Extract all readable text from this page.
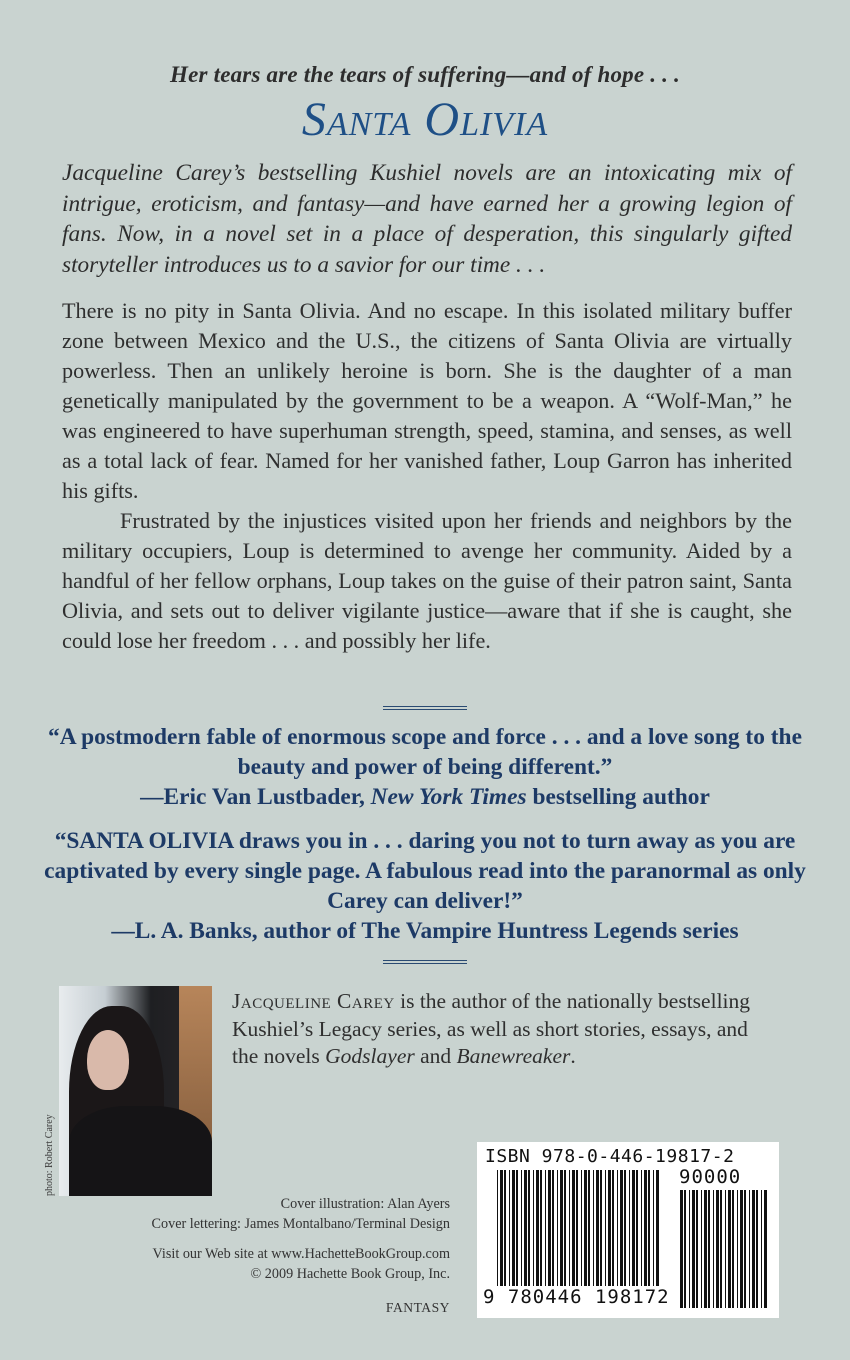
Her tears are the tears of suffering—and of hope . . .
Santa Olivia
Jacqueline Carey’s bestselling Kushiel novels are an intoxicating mix of intrigue, eroticism, and fantasy—and have earned her a growing legion of fans. Now, in a novel set in a place of desperation, this singularly gifted storyteller introduces us to a savior for our time . . .

There is no pity in Santa Olivia. And no escape. In this isolated military buffer zone between Mexico and the U.S., the citizens of Santa Olivia are virtually powerless. Then an unlikely heroine is born. She is the daughter of a man genetically manipulated by the government to be a weapon. A “Wolf-Man,” he was engineered to have superhuman strength, speed, stamina, and senses, as well as a total lack of fear. Named for her vanished father, Loup Garron has inherited his gifts.

Frustrated by the injustices visited upon her friends and neighbors by the military occupiers, Loup is determined to avenge her community. Aided by a handful of her fellow orphans, Loup takes on the guise of their patron saint, Santa Olivia, and sets out to deliver vigilante justice—aware that if she is caught, she could lose her freedom . . . and possibly her life.

“A postmodern fable of enormous scope and force . . . and a love song to the beauty and power of being different.”
—Eric Van Lustbader, New York Times bestselling author
“SANTA OLIVIA draws you in . . . daring you not to turn away as you are captivated by every single page. A fabulous read into the paranormal as only Carey can deliver!”
—L. A. Banks, author of The Vampire Huntress Legends series
photo: Robert Carey
Jacqueline Carey is the author of the nationally bestselling Kushiel’s Legacy series, as well as short stories, essays, and the novels Godslayer and Banewreaker.
Cover illustration: Alan Ayers
Cover lettering: James Montalbano/Terminal Design
Visit our Web site at www.HachetteBookGroup.com
© 2009 Hachette Book Group, Inc.
FANTASY
ISBN 978-0-446-19817-2
90000
9 780446 198172
